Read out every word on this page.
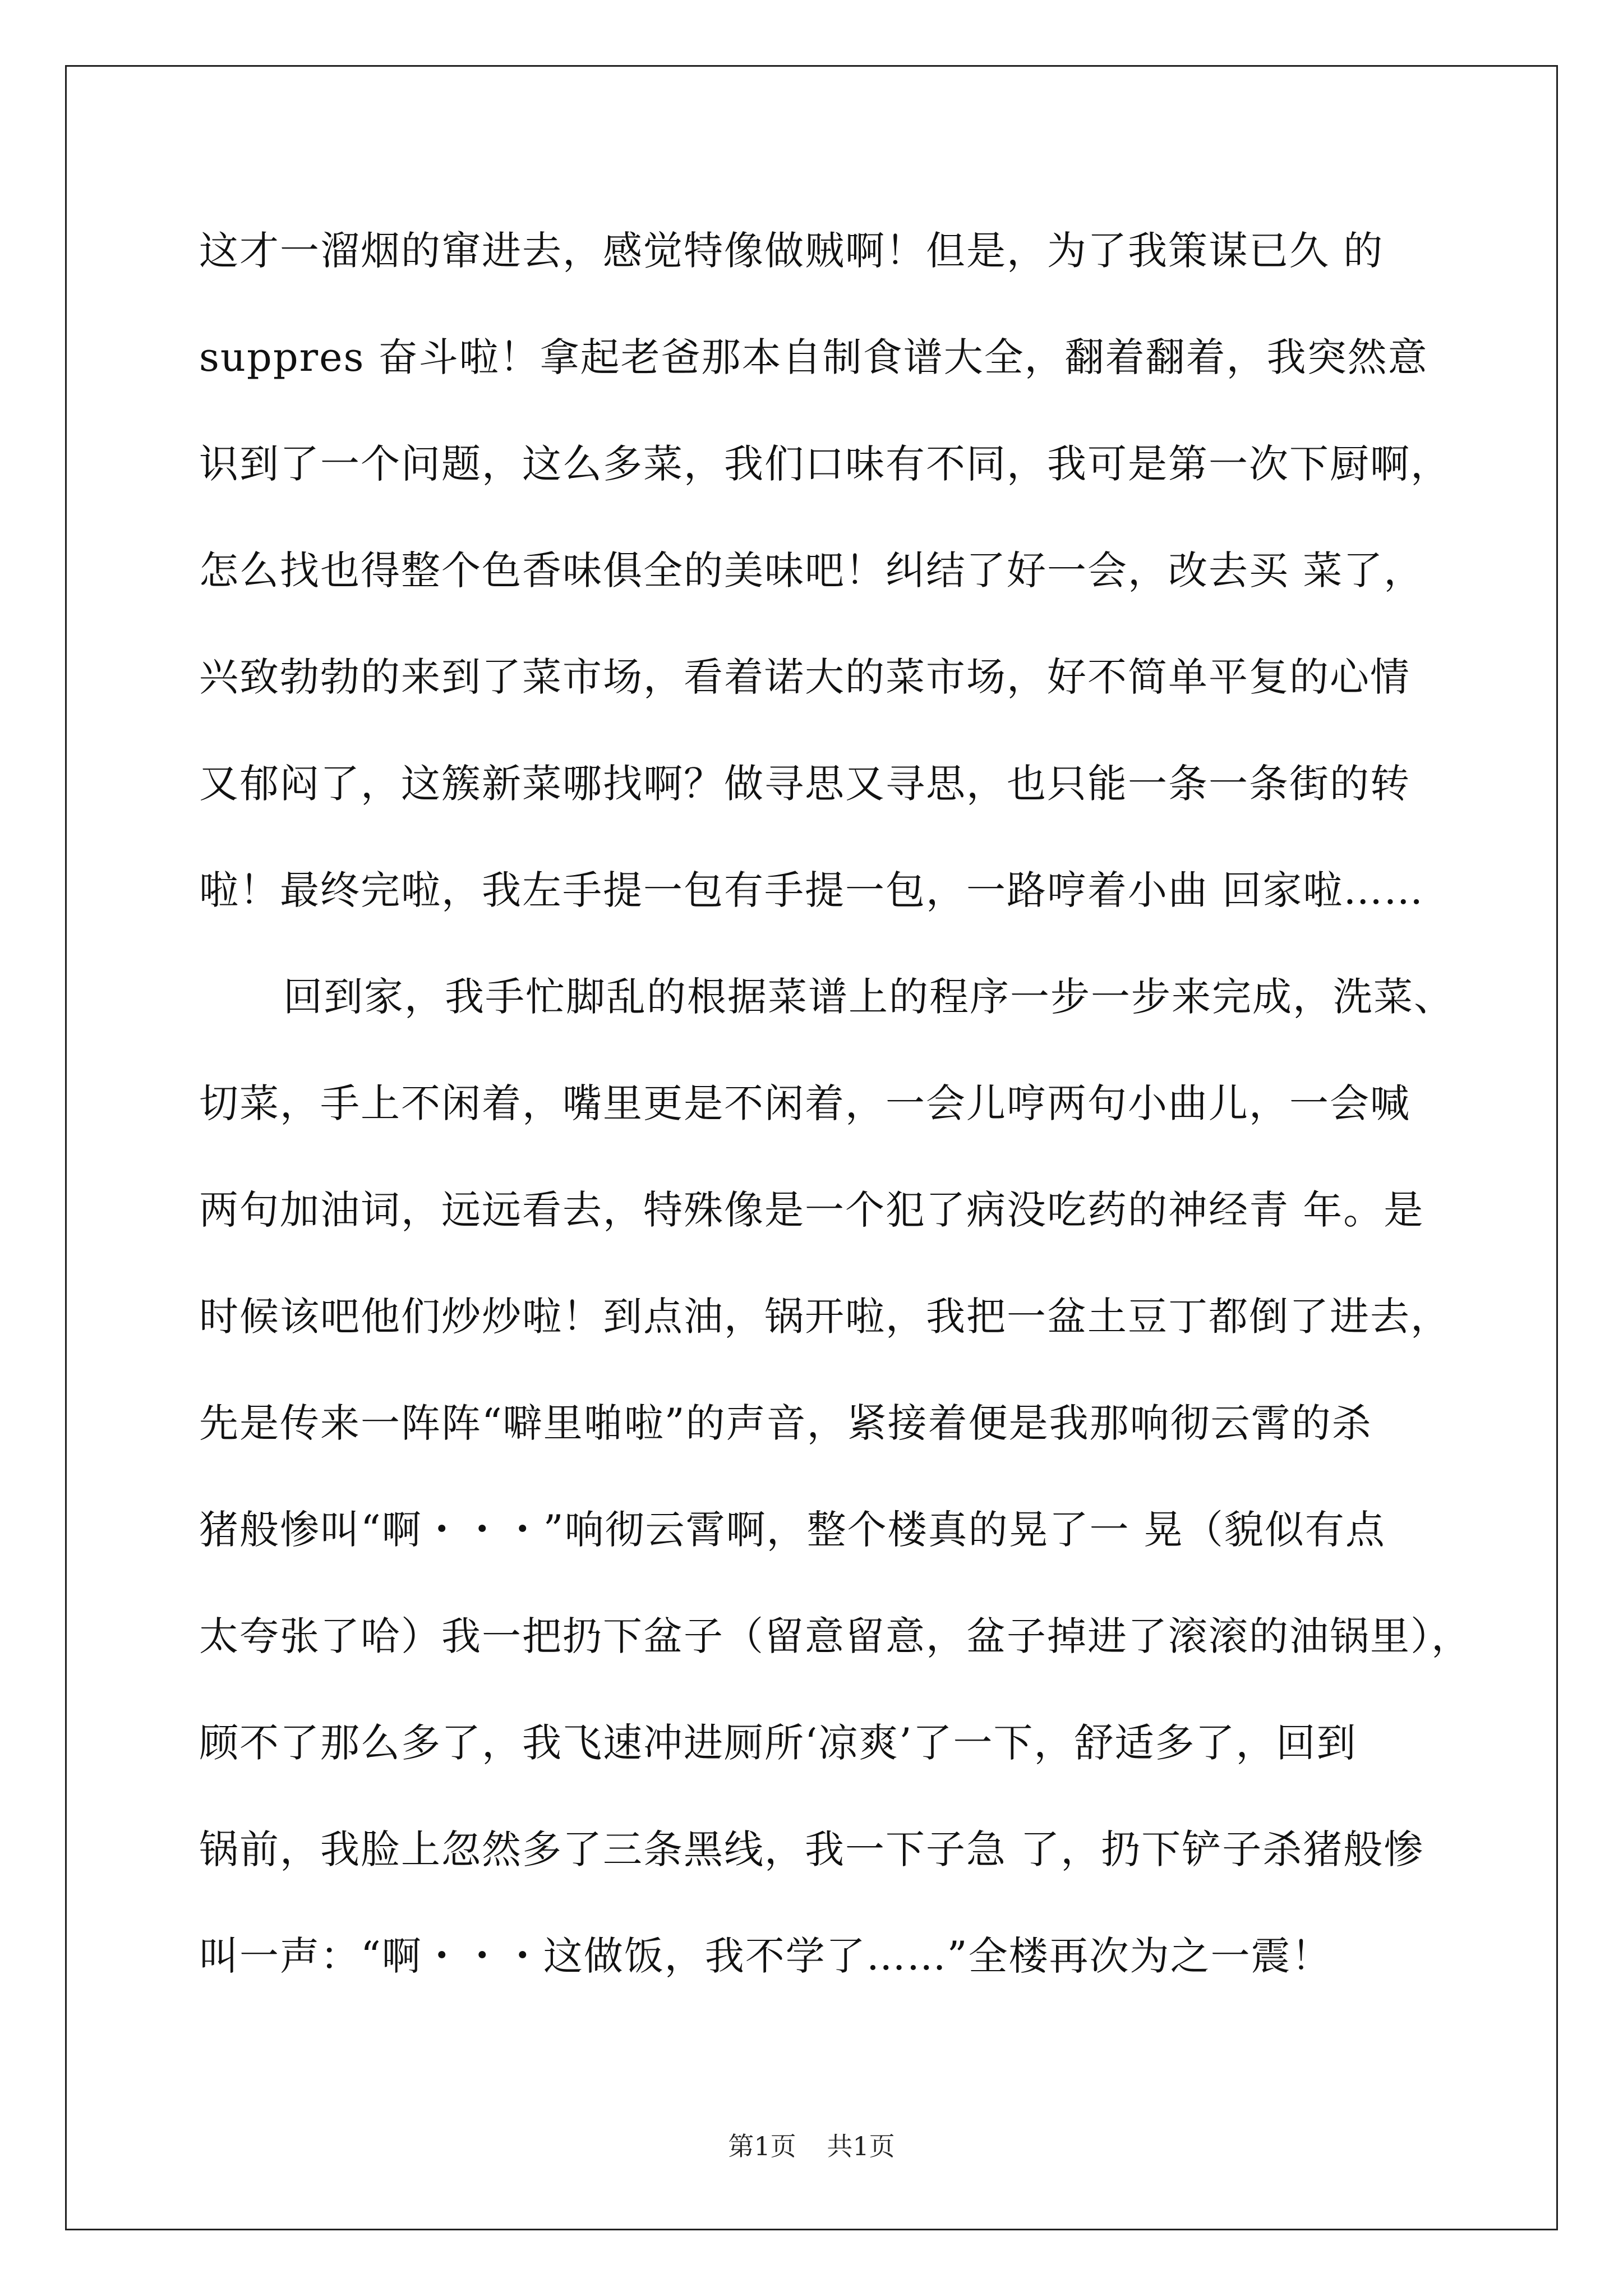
这才一溜烟的窜进去，感觉特像做贼啊！但是，为了我策谋已久 的
suppres 奋斗啦！拿起老爸那本自制食谱大全，翻着翻着，我突然意
识到了一个问题，这么多菜，我们口味有不同，我可是第一次下厨啊，
怎么找也得整个色香味俱全的美味吧！纠结了好一会，改去买 菜了，
兴致勃勃的来到了菜市场，看着诺大的菜市场，好不简单平复的心情
又郁闷了，这簇新菜哪找啊？做寻思又寻思，也只能一条一条街的转
啦！最终完啦，我左手提一包有手提一包，一路哼着小曲 回家啦……
回到家，我手忙脚乱的根据菜谱上的程序一步一步来完成，洗菜、
切菜，手上不闲着，嘴里更是不闲着，一会儿哼两句小曲儿，一会喊
两句加油词，远远看去，特殊像是一个犯了病没吃药的神经青 年。是
时候该吧他们炒炒啦！到点油，锅开啦，我把一盆土豆丁都倒了进去，
先是传来一阵阵“噼里啪啦”的声音，紧接着便是我那响彻云霄的杀
猪般惨叫“啊・・・”响彻云霄啊，整个楼真的晃了一 晃（貌似有点
太夸张了哈）我一把扔下盆子（留意留意，盆子掉进了滚滚的油锅里），
顾不了那么多了，我飞速冲进厕所‘凉爽’了一下，舒适多了，回到
锅前，我脸上忽然多了三条黑线，我一下子急 了，扔下铲子杀猪般惨
叫一声：“啊・・・这做饭，我不学了……”全楼再次为之一震！
第1页 共1页
